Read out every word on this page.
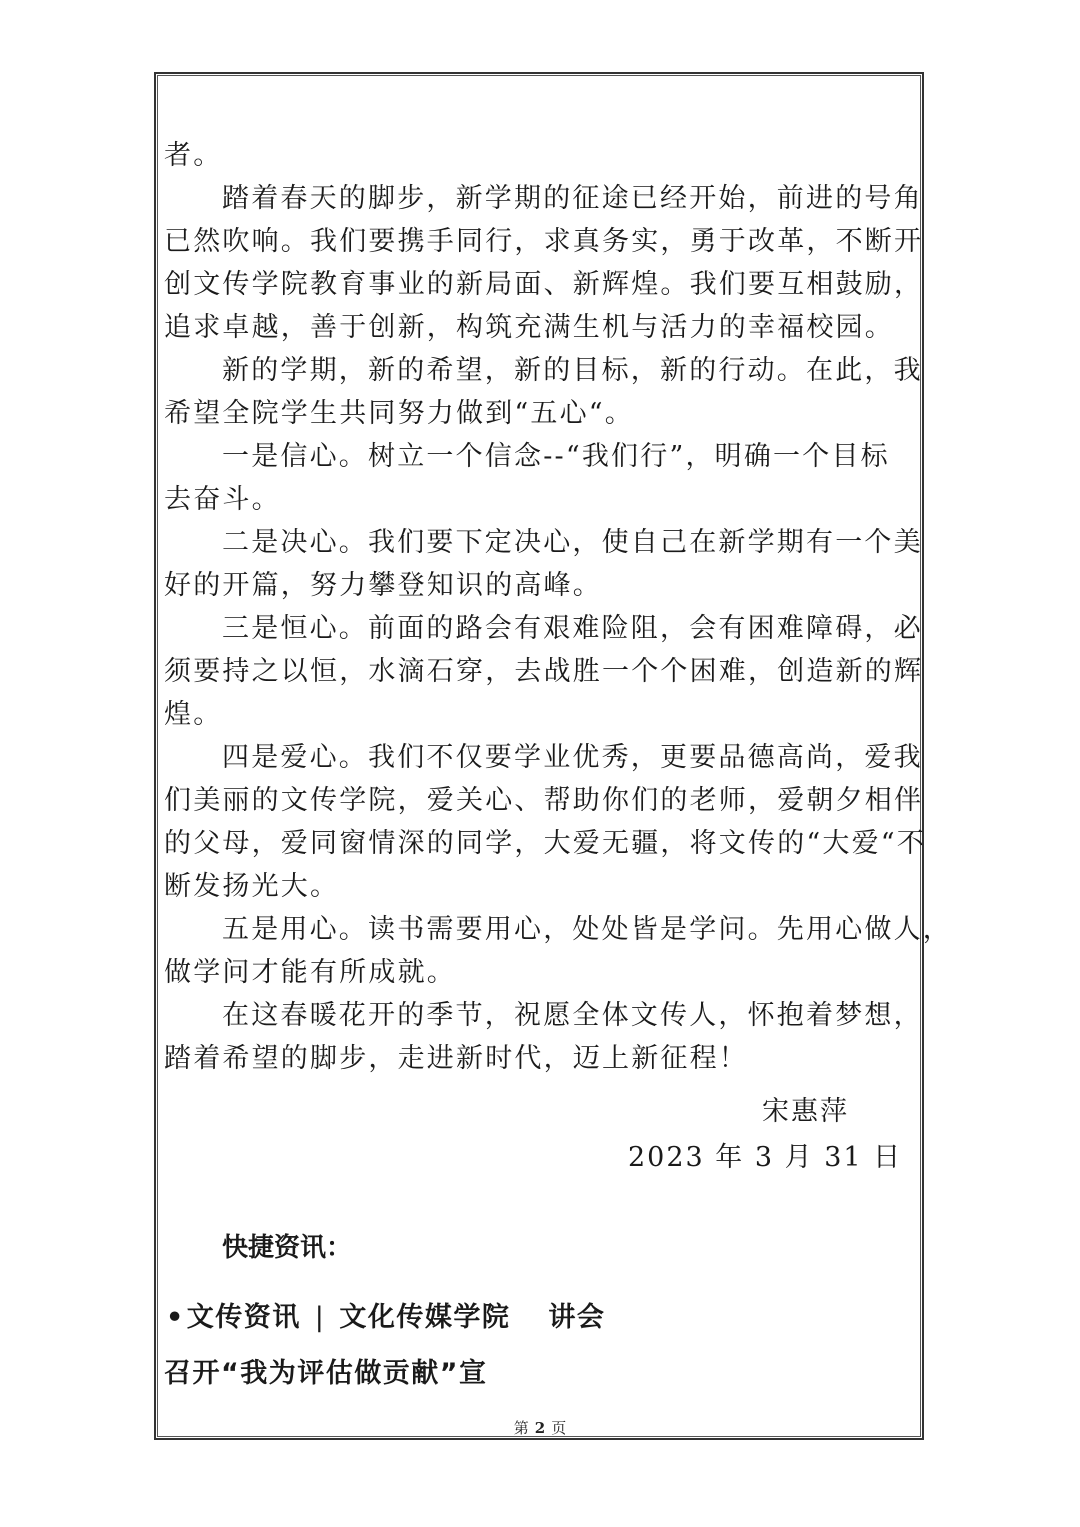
者。
踏着春天的脚步，新学期的征途已经开始，前进的号角
已然吹响。我们要携手同行，求真务实，勇于改革，不断开
创文传学院教育事业的新局面、新辉煌。我们要互相鼓励，
追求卓越，善于创新，构筑充满生机与活力的幸福校园。
新的学期，新的希望，新的目标，新的行动。在此，我
希望全院学生共同努力做到“五心“。
一是信心。树立一个信念--“我们行”，明确一个目标
去奋斗。
二是决心。我们要下定决心，使自己在新学期有一个美
好的开篇，努力攀登知识的高峰。
三是恒心。前面的路会有艰难险阻，会有困难障碍，必
须要持之以恒，水滴石穿，去战胜一个个困难，创造新的辉
煌。
四是爱心。我们不仅要学业优秀，更要品德高尚，爱我
们美丽的文传学院，爱关心、帮助你们的老师，爱朝夕相伴
的父母，爱同窗情深的同学，大爱无疆，将文传的“大爱“不
断发扬光大。
五是用心。读书需要用心，处处皆是学问。先用心做人，
做学问才能有所成就。
在这春暖花开的季节，祝愿全体文传人，怀抱着梦想，
踏着希望的脚步，走进新时代，迈上新征程！
宋惠萍
2023 年 3 月 31 日
快捷资讯：
•文传资讯 | 文化传媒学院 讲会
召开“我为评估做贡献”宣
第 2 页
